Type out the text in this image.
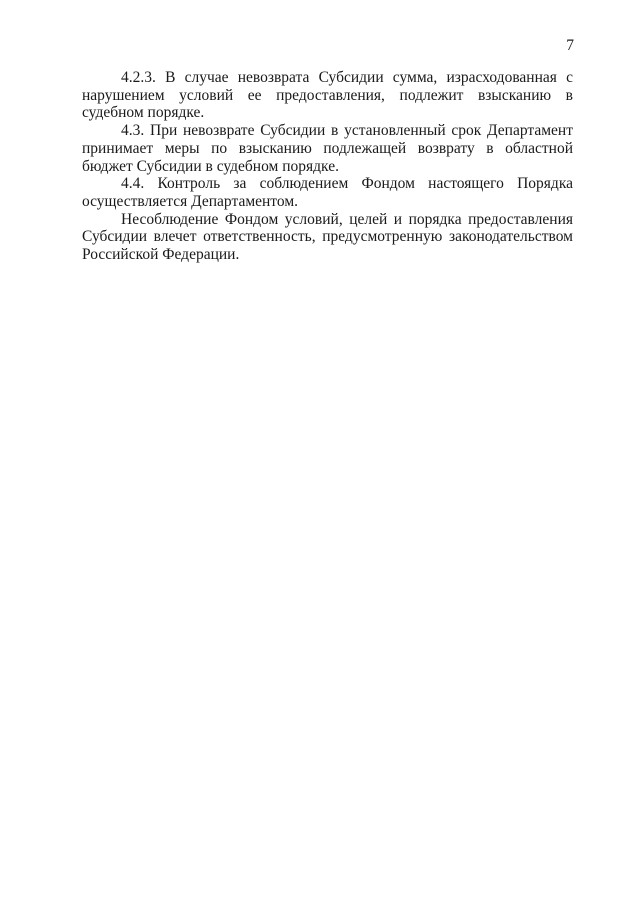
7

4.2.3. В случае невозврата Субсидии сумма, израсходованная с нарушением условий ее предоставления, подлежит взысканию в судебном порядке.

4.3. При невозврате Субсидии в установленный срок Департамент принимает меры по взысканию подлежащей возврату в областной бюджет Субсидии в судебном порядке.

4.4. Контроль за соблюдением Фондом настоящего Порядка осуществляется Департаментом.

Несоблюдение Фондом условий, целей и порядка предоставления Субсидии влечет ответственность, предусмотренную законодательством Российской Федерации.
